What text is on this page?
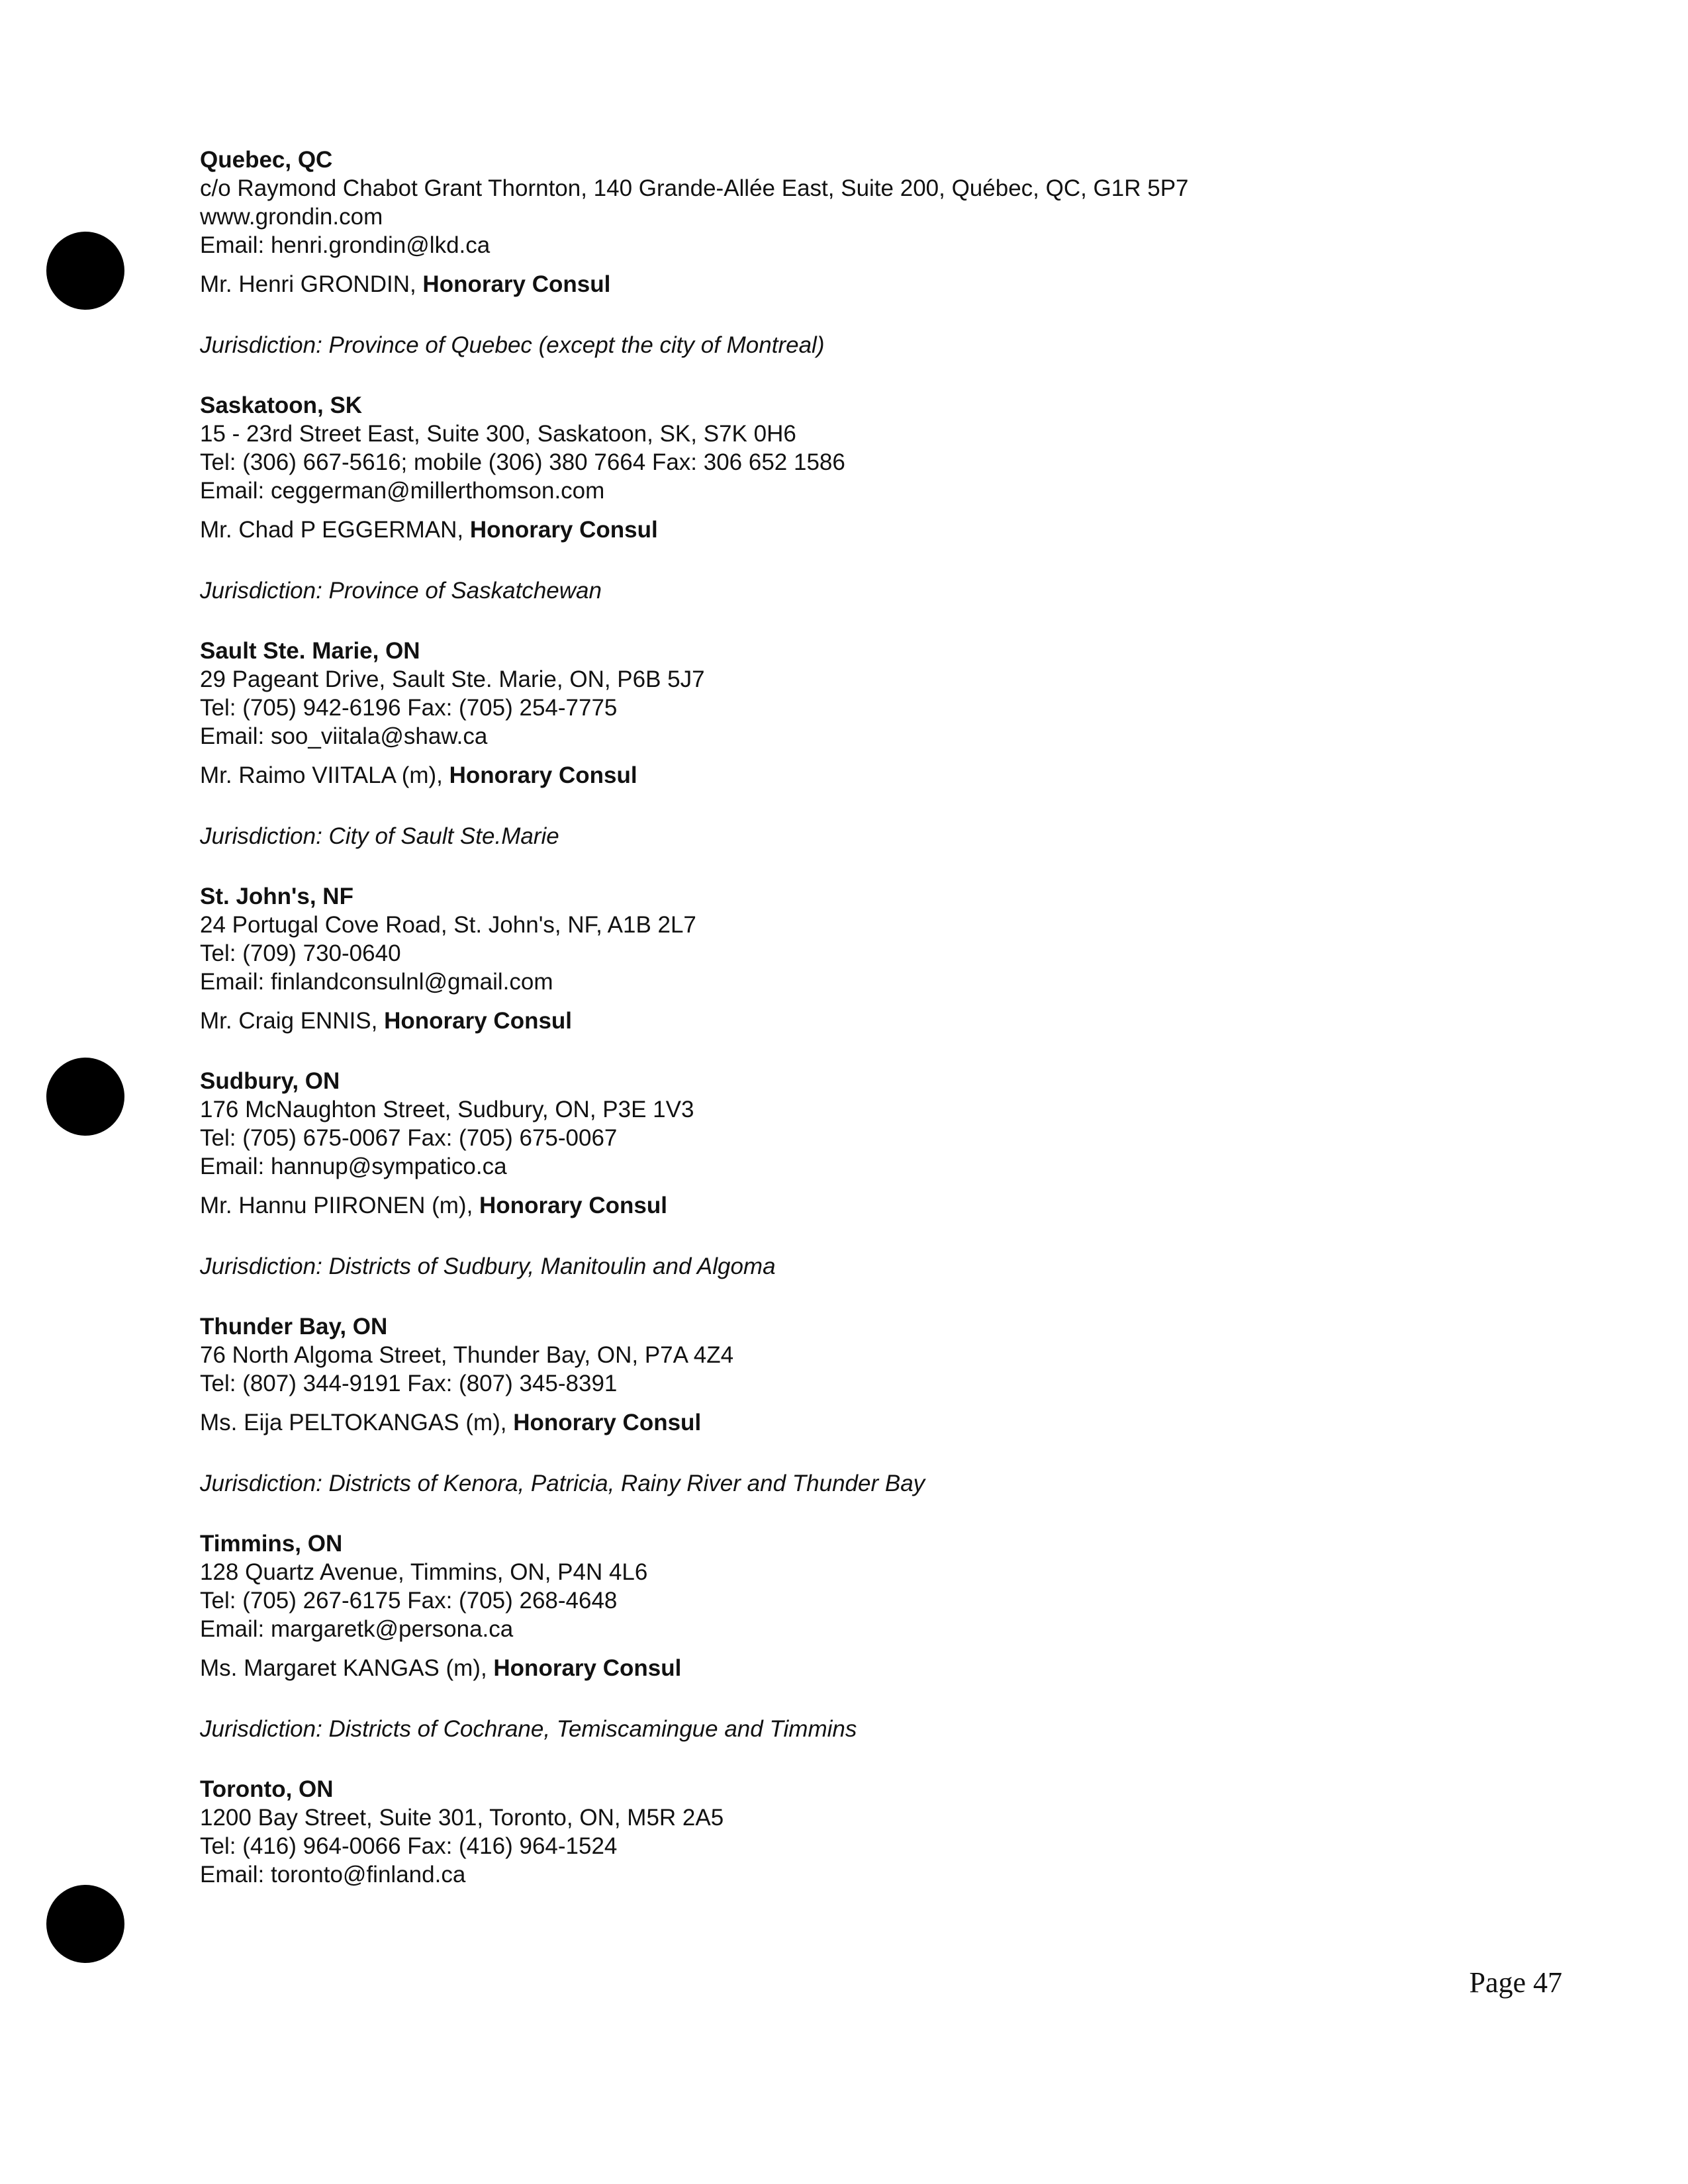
Quebec, QC
c/o Raymond Chabot Grant Thornton, 140 Grande-Allée East, Suite 200, Québec, QC, G1R 5P7
www.grondin.com
Email: henri.grondin@lkd.ca
Mr. Henri GRONDIN, Honorary Consul
Jurisdiction: Province of Quebec (except the city of Montreal)
Saskatoon, SK
15 - 23rd Street East, Suite 300, Saskatoon, SK, S7K 0H6
Tel: (306) 667-5616; mobile (306) 380 7664 Fax: 306 652 1586
Email: ceggerman@millerthomson.com
Mr. Chad P EGGERMAN, Honorary Consul
Jurisdiction: Province of Saskatchewan
Sault Ste. Marie, ON
29 Pageant Drive, Sault Ste. Marie, ON, P6B 5J7
Tel: (705) 942-6196 Fax: (705) 254-7775
Email: soo_viitala@shaw.ca
Mr. Raimo VIITALA (m), Honorary Consul
Jurisdiction: City of Sault Ste.Marie
St. John's, NF
24 Portugal Cove Road, St. John's, NF, A1B 2L7
Tel: (709) 730-0640
Email: finlandconsulnl@gmail.com
Mr. Craig ENNIS, Honorary Consul
Sudbury, ON
176 McNaughton Street, Sudbury, ON, P3E 1V3
Tel: (705) 675-0067 Fax: (705) 675-0067
Email: hannup@sympatico.ca
Mr. Hannu PIIRONEN (m), Honorary Consul
Jurisdiction: Districts of Sudbury, Manitoulin and Algoma
Thunder Bay, ON
76 North Algoma Street, Thunder Bay, ON, P7A 4Z4
Tel: (807) 344-9191 Fax: (807) 345-8391
Ms. Eija PELTOKANGAS (m), Honorary Consul
Jurisdiction: Districts of Kenora, Patricia, Rainy River and Thunder Bay
Timmins, ON
128 Quartz Avenue, Timmins, ON, P4N 4L6
Tel: (705) 267-6175 Fax: (705) 268-4648
Email: margaretk@persona.ca
Ms. Margaret KANGAS (m), Honorary Consul
Jurisdiction: Districts of Cochrane, Temiscamingue and Timmins
Toronto, ON
1200 Bay Street, Suite 301, Toronto, ON, M5R 2A5
Tel: (416) 964-0066 Fax: (416) 964-1524
Email: toronto@finland.ca
Page 47
